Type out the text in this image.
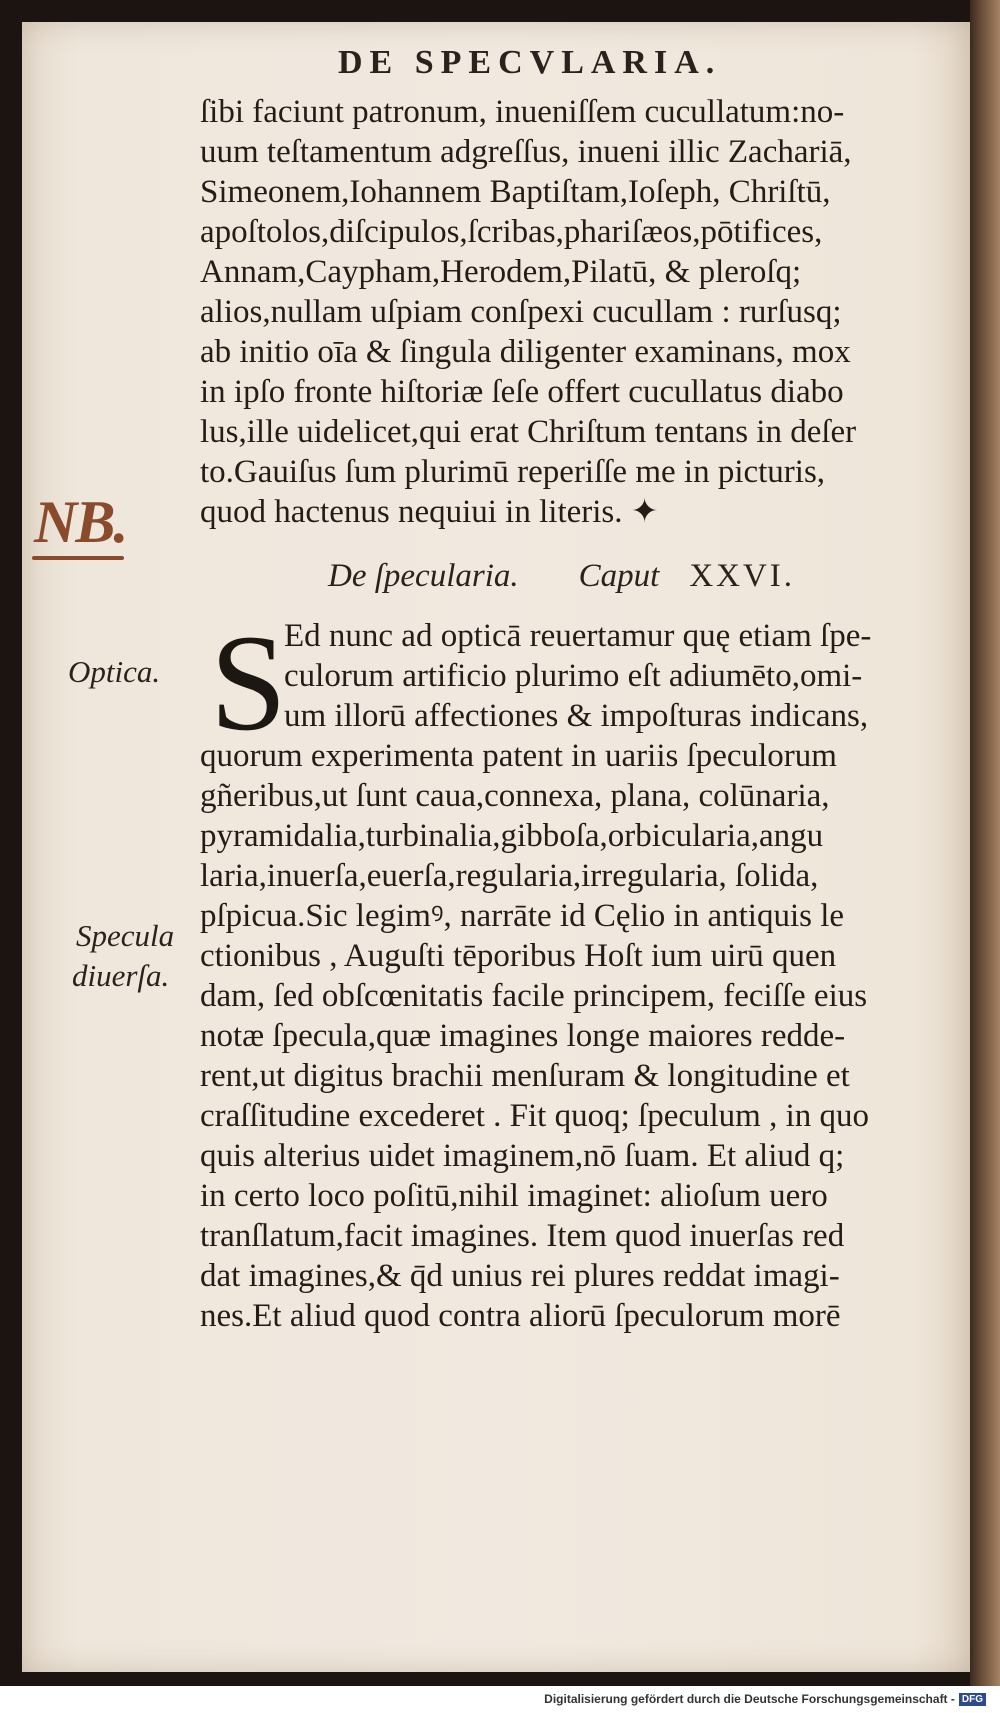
DE SPECVLARIA.
ſibi faciunt patronum, inueniſſem cucullatum:no-
uum teſtamentum adgreſſus, inueni illic Zachariā,
Simeonem,Iohannem Baptiſtam,Ioſeph, Chriſtū,
apoſtolos,diſcipulos,ſcribas,phariſæos,pōtifices,
Annam,Caypham,Herodem,Pilatū, & pleroſq;
alios,nullam uſpiam conſpexi cucullam : rurſusq;
ab initio oīa & ſingula diligenter examinans, mox
in ipſo fronte hiſtoriæ ſeſe offert cucullatus diabo
lus,ille uidelicet,qui erat Chriſtum tentans in deſer
to.Gauiſus ſum plurimū reperiſſe me in picturis,
quod hactenus nequiui in literis. ✦
NB.
De ſpecularia. Caput XXVI.
S
Optica.
Specula
diuerſa.
Ed nunc ad opticā reuertamur quę etiam ſpe-
culorum artificio plurimo eſt adiumēto,omi-
um illorū affectiones & impoſturas indicans,
quorum experimenta patent in uariis ſpeculorum
gñeribus,ut ſunt caua,connexa, plana, colūnaria,
pyramidalia,turbinalia,gibboſa,orbicularia,angu
laria,inuerſa,euerſa,regularia,irregularia, ſolida,
pſpicua.Sic legimꝰ, narrāte id Cęlio in antiquis le
ctionibus , Auguſti tēporibus Hoſt ium uirū quen
dam, ſed obſcœnitatis facile principem, feciſſe eius
notæ ſpecula,quæ imagines longe maiores redde-
rent,ut digitus brachii menſuram & longitudine et
craſſitudine excederet . Fit quoq; ſpeculum , in quo
quis alterius uidet imaginem,nō ſuam. Et aliud q;
in certo loco poſitū,nihil imaginet: alioſum uero
tranſlatum,facit imagines. Item quod inuerſas red
dat imagines,& q̄d unius rei plures reddat imagi-
nes.Et aliud quod contra aliorū ſpeculorum morē
Digitalisierung gefördert durch die Deutsche Forschungsgemeinschaft - DFG
